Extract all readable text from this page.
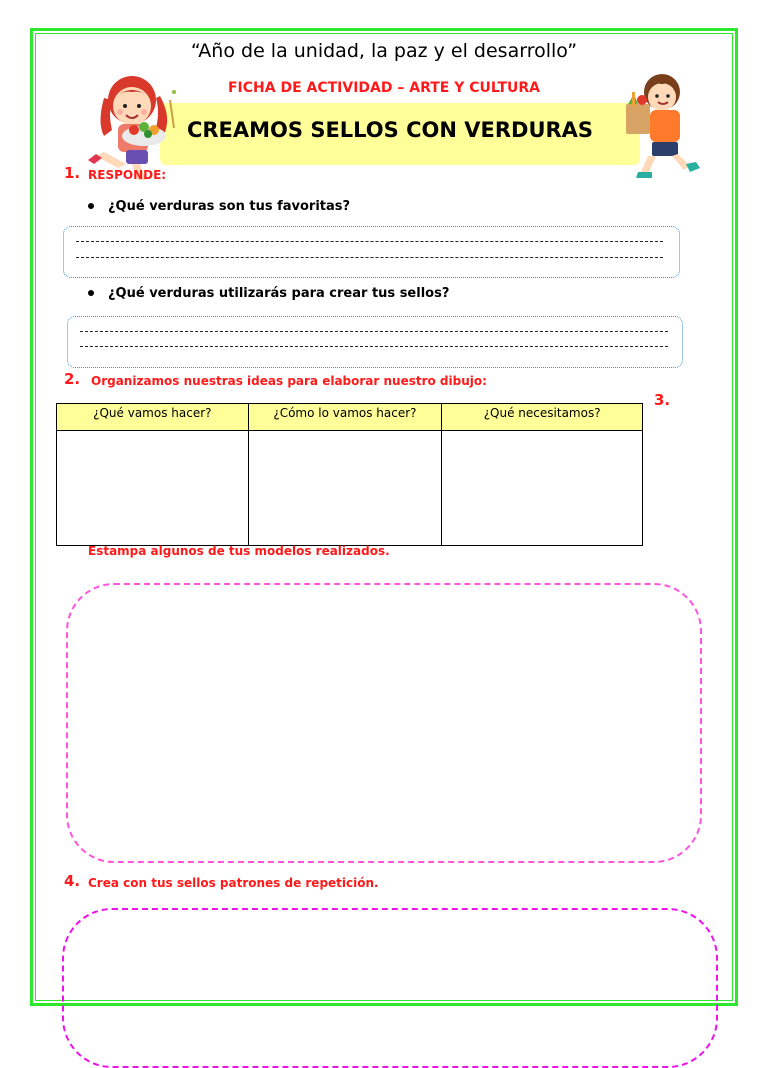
“Año de la unidad, la paz y el desarrollo”
FICHA DE ACTIVIDAD – ARTE Y CULTURA
CREAMOS SELLOS CON VERDURAS
1. RESPONDE:
¿Qué verduras son tus favoritas?
¿Qué verduras utilizarás para crear tus sellos?
2. Organizamos nuestras ideas para elaborar nuestro dibujo:
3.
¿Qué vamos hacer?	¿Cómo lo vamos hacer?	¿Qué necesitamos?

Estampa algunos de tus modelos realizados.
4. Crea con tus sellos patrones de repetición.
